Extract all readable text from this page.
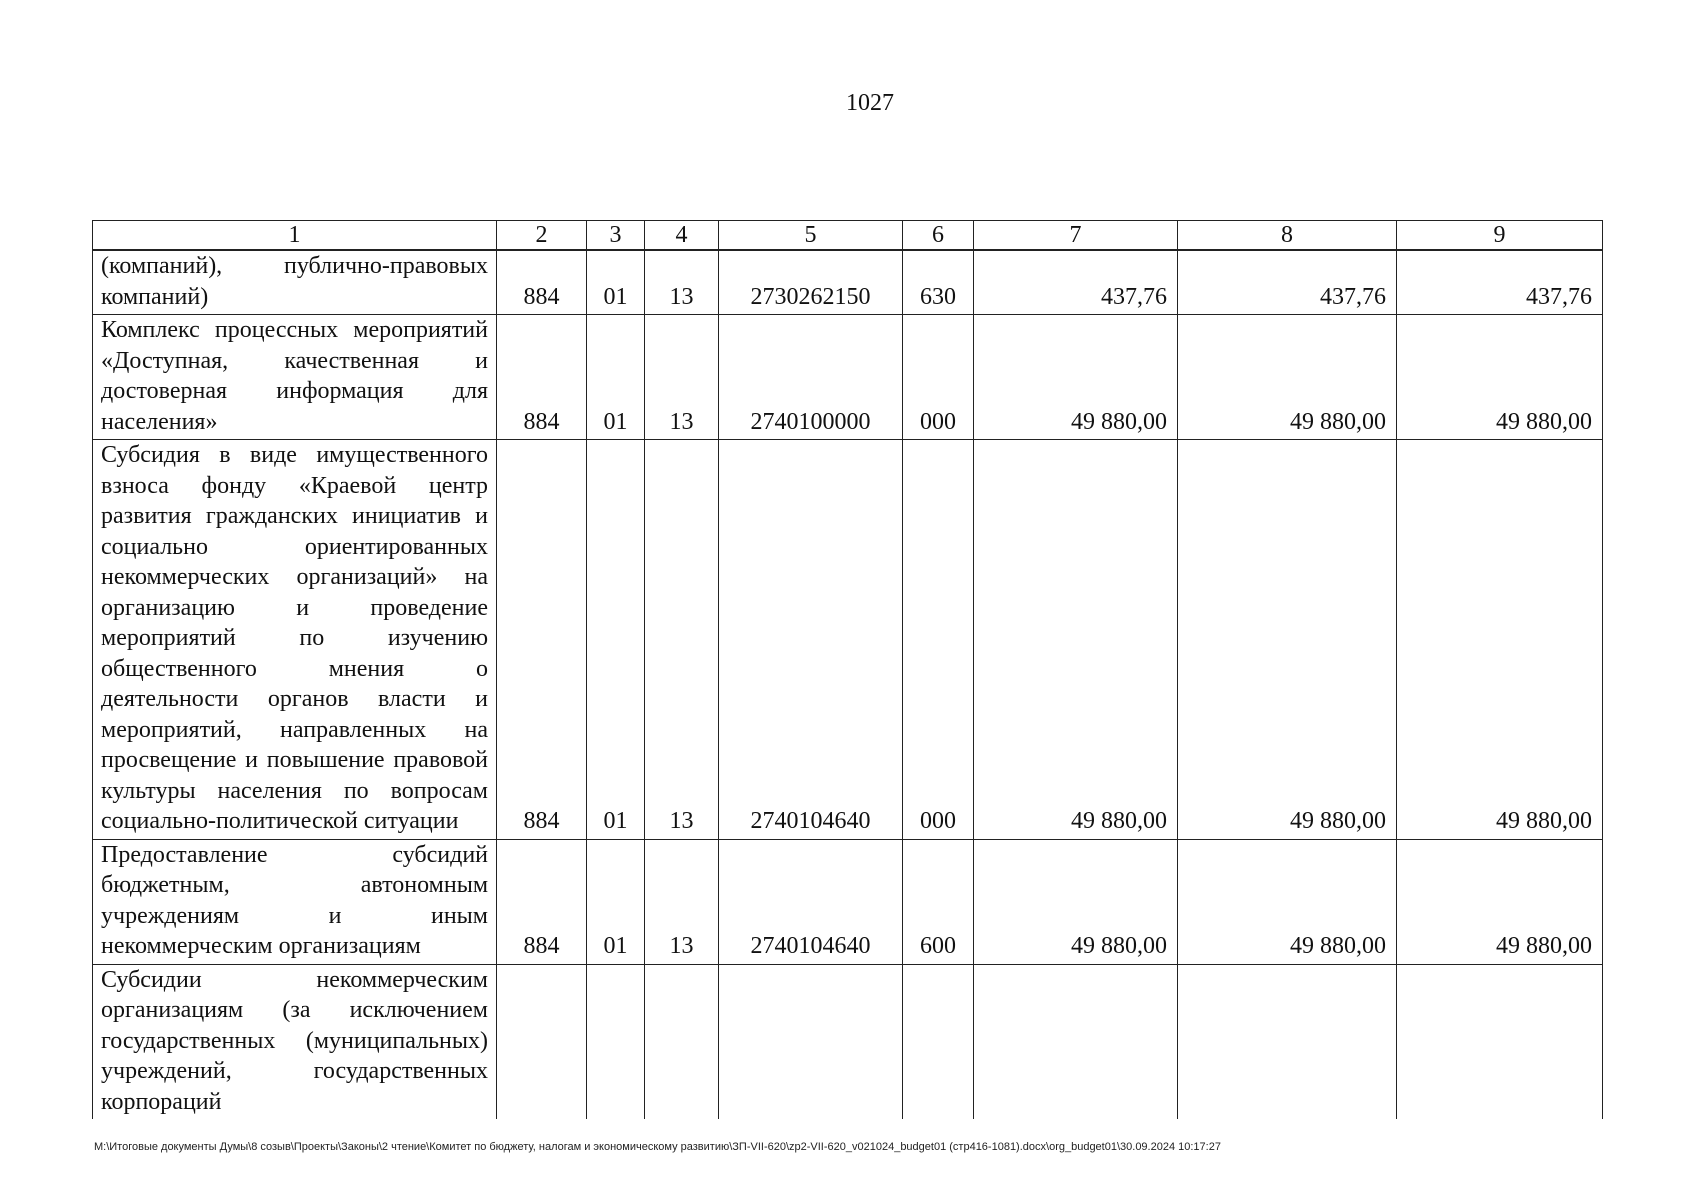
1027
1	2	3	4	5	6	7	8	9
(компаний), публично-правовых компаний)	884	01	13	2730262150	630	437,76	437,76	437,76
Комплекс процессных мероприятий «Доступная, качественная и достоверная информация для населения»	884	01	13	2740100000	000	49 880,00	49 880,00	49 880,00
Субсидия в виде имущественного взноса фонду «Краевой центр развития гражданских инициатив и социально ориентированных некоммерческих организаций» на организацию и проведение мероприятий по изучению общественного мнения о деятельности органов власти и мероприятий, направленных на просвещение и повышение правовой культуры населения по вопросам социально-политической ситуации	884	01	13	2740104640	000	49 880,00	49 880,00	49 880,00
Предоставление субсидий бюджетным, автономным учреждениям и иным некоммерческим организациям	884	01	13	2740104640	600	49 880,00	49 880,00	49 880,00
Субсидии некоммерческим организациям (за исключением государственных (муниципальных) учреждений, государственных корпораций								
M:\Итоговые документы Думы\8 созыв\Проекты\Законы\2 чтение\Комитет по бюджету, налогам и экономическому развитию\ЗП-VII-620\zp2-VII-620_v021024_budget01 (стр416-1081).docx\org_budget01\30.09.2024 10:17:27
